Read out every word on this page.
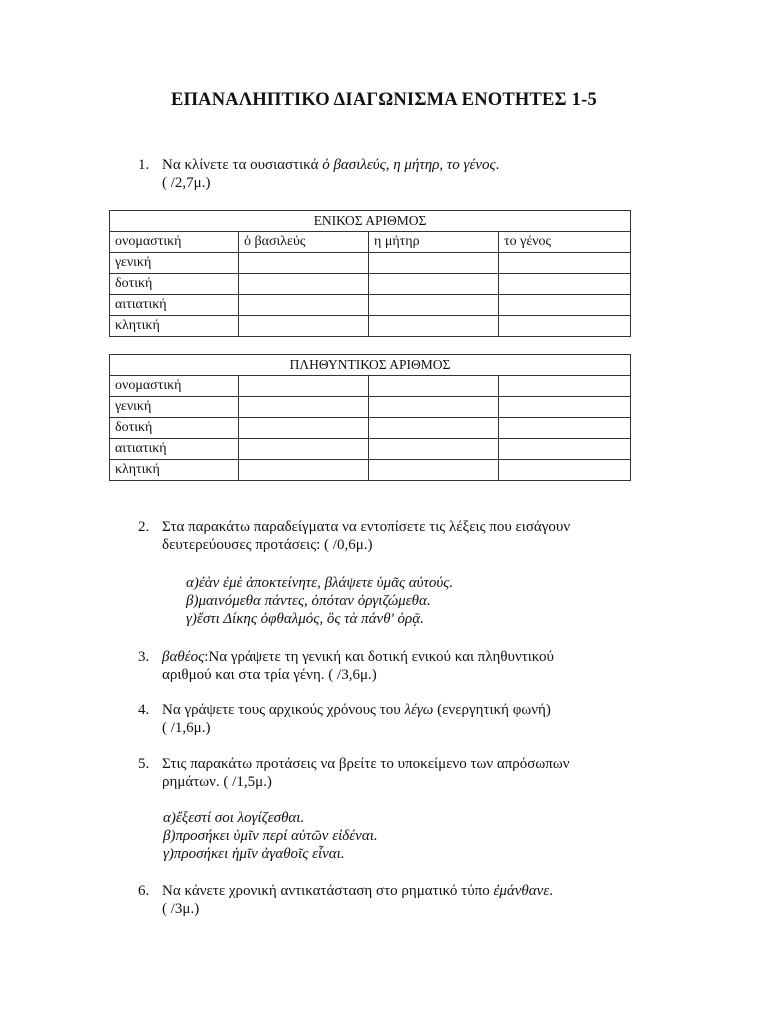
ΕΠΑΝΑΛΗΠΤΙΚΟ ΔΙΑΓΩΝΙΣΜΑ ΕΝΟΤΗΤΕΣ 1-5
1. Να κλίνετε τα ουσιαστικά ὁ βασιλεύς, η μήτηρ, το γένος.
( /2,7μ.)
ΕΝΙΚΟΣ ΑΡΙΘΜΟΣ			
ονομαστική	ὁ βασιλεύς	η μήτηρ	το γένος
γενική			
δοτική			
αιτιατική			
κλητική			
ΠΛΗΘΥΝΤΙΚΟΣ ΑΡΙΘΜΟΣ			
ονομαστική			
γενική			
δοτική			
αιτιατική			
κλητική			
2. Στα παρακάτω παραδείγματα να εντοπίσετε τις λέξεις που εισάγουν
δευτερεύουσες προτάσεις: ( /0,6μ.)
α)ἐὰν ἐμὲ ἀποκτείνητε, βλάψετε ὑμᾶς αὐτούς.
β)μαινόμεθα πάντες, ὁπόταν ὀργιζώμεθα.
γ)ἔστι Δίκης ὀφθαλμός, ὃς τὰ πάνθ' ὁρᾷ.
3. βαθέος:Να γράψετε τη γενική και δοτική ενικού και πληθυντικού
αριθμού και στα τρία γένη. ( /3,6μ.)
4. Να γράψετε τους αρχικούς χρόνους του λέγω (ενεργητική φωνή)
( /1,6μ.)
5. Στις παρακάτω προτάσεις να βρείτε το υποκείμενο των απρόσωπων
ρημάτων. ( /1,5μ.)
α)ἔξεστί σοι λογίζεσθαι.
β)προσήκει ὑμῖν περί αὐτῶν εἰδέναι.
γ)προσήκει ἡμῖν ἀγαθοῖς εἶναι.
6. Να κάνετε χρονική αντικατάσταση στο ρηματικό τύπο ἐμάνθανε.
( /3μ.)
